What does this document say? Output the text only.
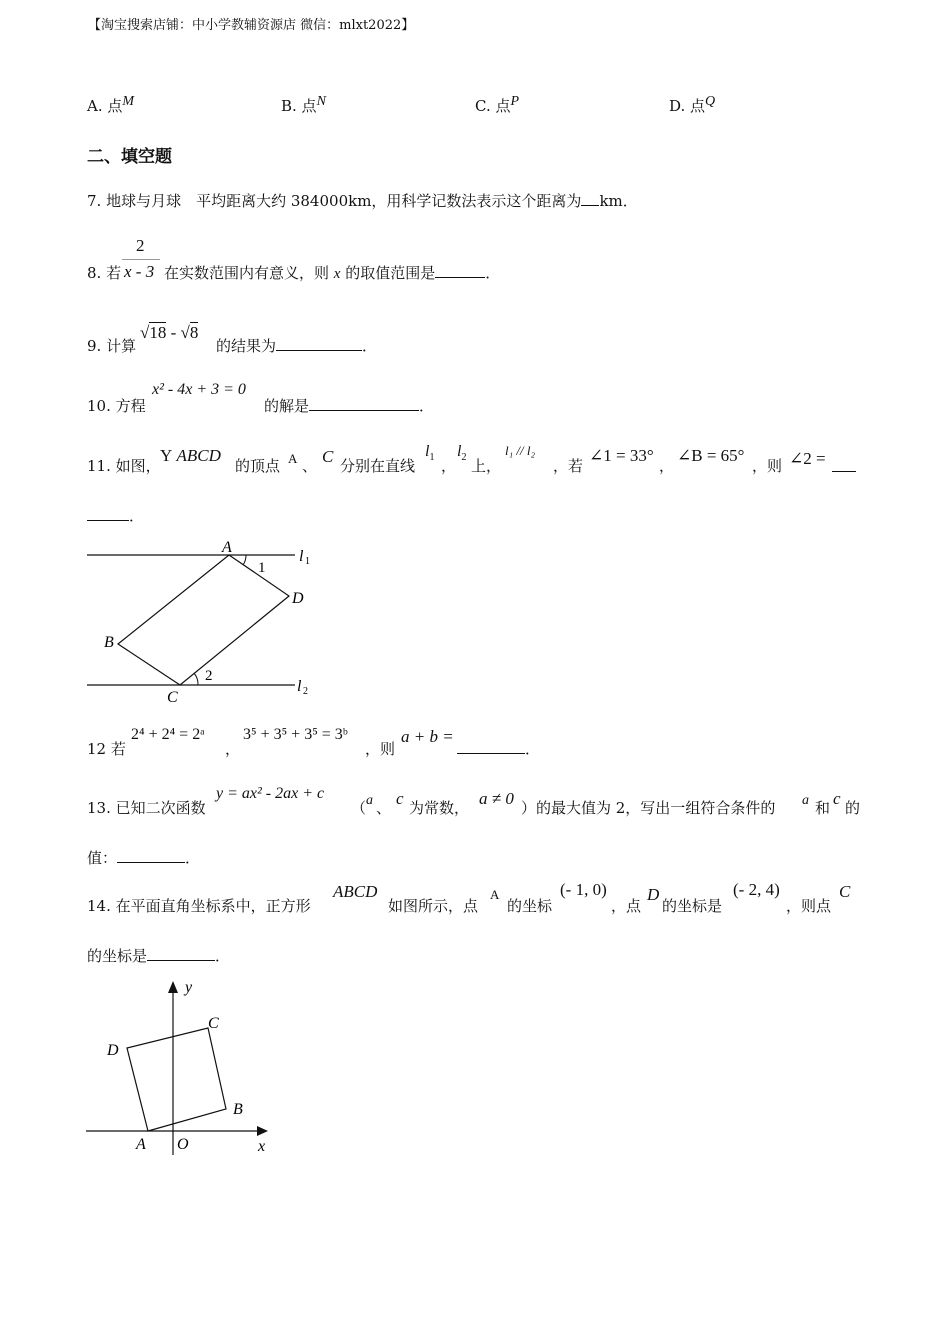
【淘宝搜索店铺：中小学教辅资源店 微信：mlxt2022】
A. 点$^M$	B. 点$^N$	C. 点$^P$	D. 点$^Q$
二、填空题
7. 地球与月球　平均距离大约 384000km，用科学记数法表示这个距离为 km．
8. 若
2
x - 3 在实数范围内有意义，则 x 的取值范围是	．
9. 计算
√18 - √8
的结果为	．
10. 方程
x² - 4x + 3 = 0
的解是	．
11. 如图，
Y ABCD
的顶点 A 、 C 分别在直线
$l_1$ ，
$l_2$ 上，
l₁ // l₂
，若
∠1 = 33°
，
∠B = 65°
，则 ∠2 =
．
A
1
D
B
2
C
l 1
l 2
12 若
2⁴ + 2⁴ = 2ᵃ
，
3⁵ + 3⁵ + 3⁵ = 3ᵇ
，则
a + b =
．
13. 已知二次函数
y = ax² - 2ax + c
（ a 、 c 为常数， a ≠ 0 ）的最大值为 2，写出一组符合条件的 a 和 c 的
值：	．
14. 在平面直角坐标系中，正方形
ABCD
如图所示，点
A
的坐标
(- 1, 0)
，点
D
的坐标是
(- 2, 4)
，则点
C
的坐标是	．
y
C
D
B
A O	x
